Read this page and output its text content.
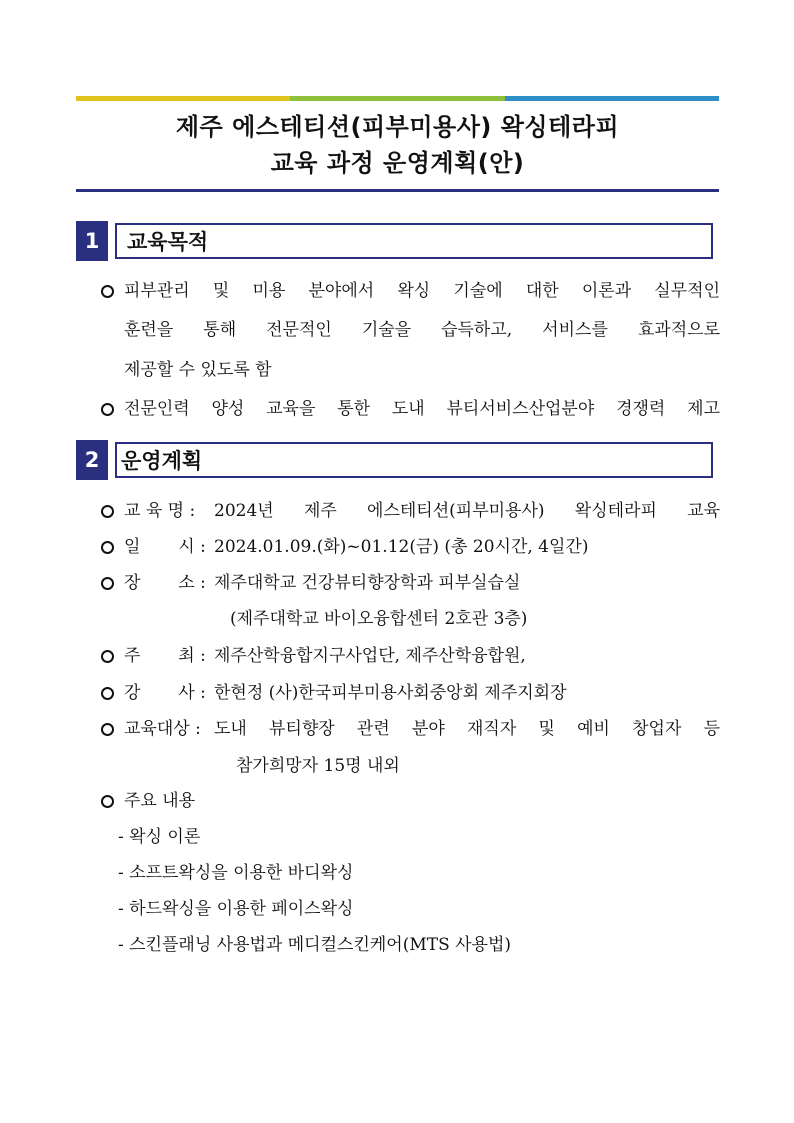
제주 에스테티션(피부미용사) 왁싱테라피
교육 과정 운영계획(안)
1	교육목적
피부관리 및 미용 분야에서 왁싱 기술에 대한 이론과 실무적인
훈련을 통해 전문적인 기술을 습득하고, 서비스를 효과적으로
제공할 수 있도록 함
전문인력 양성 교육을 통한 도내 뷰티서비스산업분야 경쟁력 제고
2	운영계획
교 육 명 : 2024년 제주 에스테티션(피부미용사) 왁싱테라피 교육
일       시 : 2024.01.09.(화)~01.12(금) (총 20시간, 4일간)
장       소 : 제주대학교 건강뷰티향장학과 피부실습실
(제주대학교 바이오융합센터 2호관 3층)
주       최 : 제주산학융합지구사업단, 제주산학융합원,
강       사 : 한현정 (사)한국피부미용사회중앙회 제주지회장
교육대상 : 도내 뷰티향장 관련 분야 재직자 및 예비 창업자 등
참가희망자 15명 내외
주요 내용
- 왁싱 이론
- 소프트왁싱을 이용한 바디왁싱
- 하드왁싱을 이용한 페이스왁싱
- 스킨플래닝 사용법과 메디컬스킨케어(MTS 사용법)
